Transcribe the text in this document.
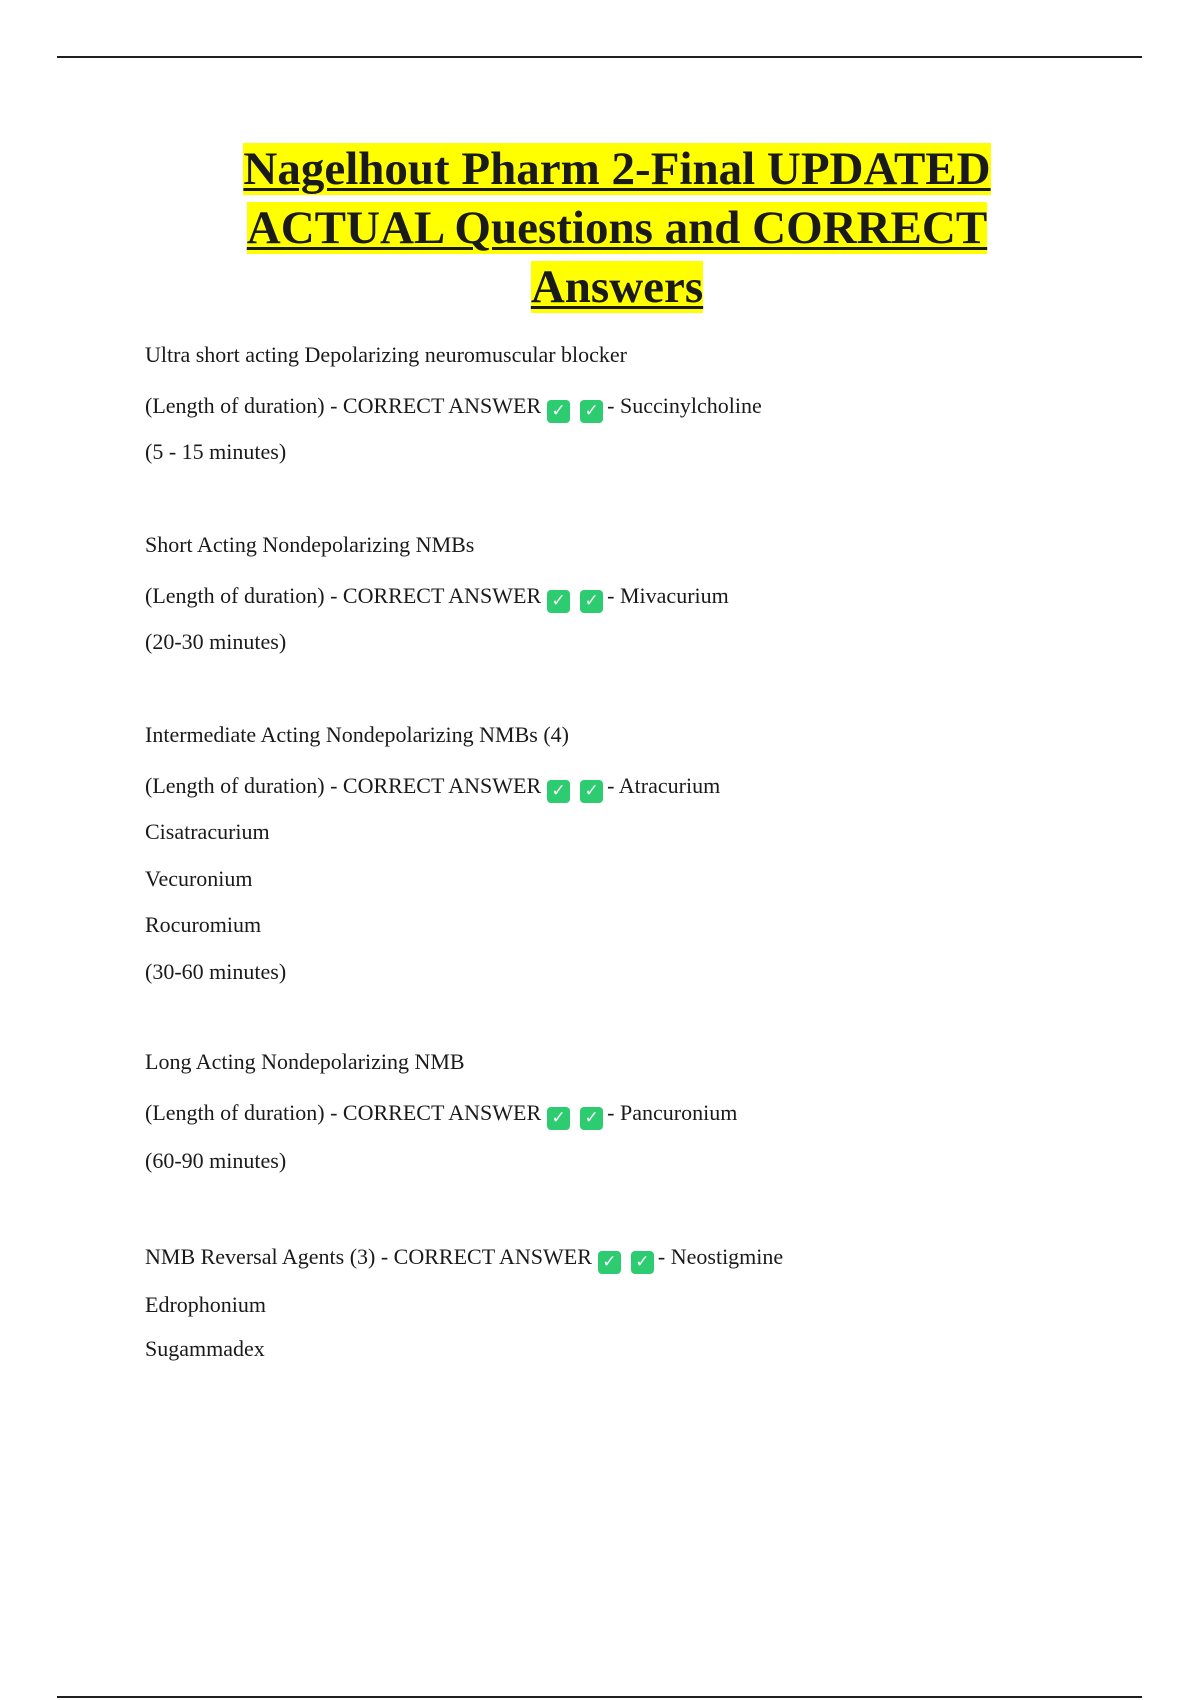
Nagelhout Pharm 2-Final UPDATED
ACTUAL Questions and CORRECT
Answers
Ultra short acting Depolarizing neuromuscular blocker
(Length of duration) - CORRECT ANSWER ✓ ✓ - Succinylcholine
(5 - 15 minutes)
Short Acting Nondepolarizing NMBs
(Length of duration) - CORRECT ANSWER ✓ ✓ - Mivacurium
(20-30 minutes)
Intermediate Acting Nondepolarizing NMBs (4)
(Length of duration) - CORRECT ANSWER ✓ ✓ - Atracurium
Cisatracurium
Vecuronium
Rocuromium
(30-60 minutes)
Long Acting Nondepolarizing NMB
(Length of duration) - CORRECT ANSWER ✓ ✓ - Pancuronium
(60-90 minutes)
NMB Reversal Agents (3) - CORRECT ANSWER ✓ ✓ - Neostigmine
Edrophonium
Sugammadex
